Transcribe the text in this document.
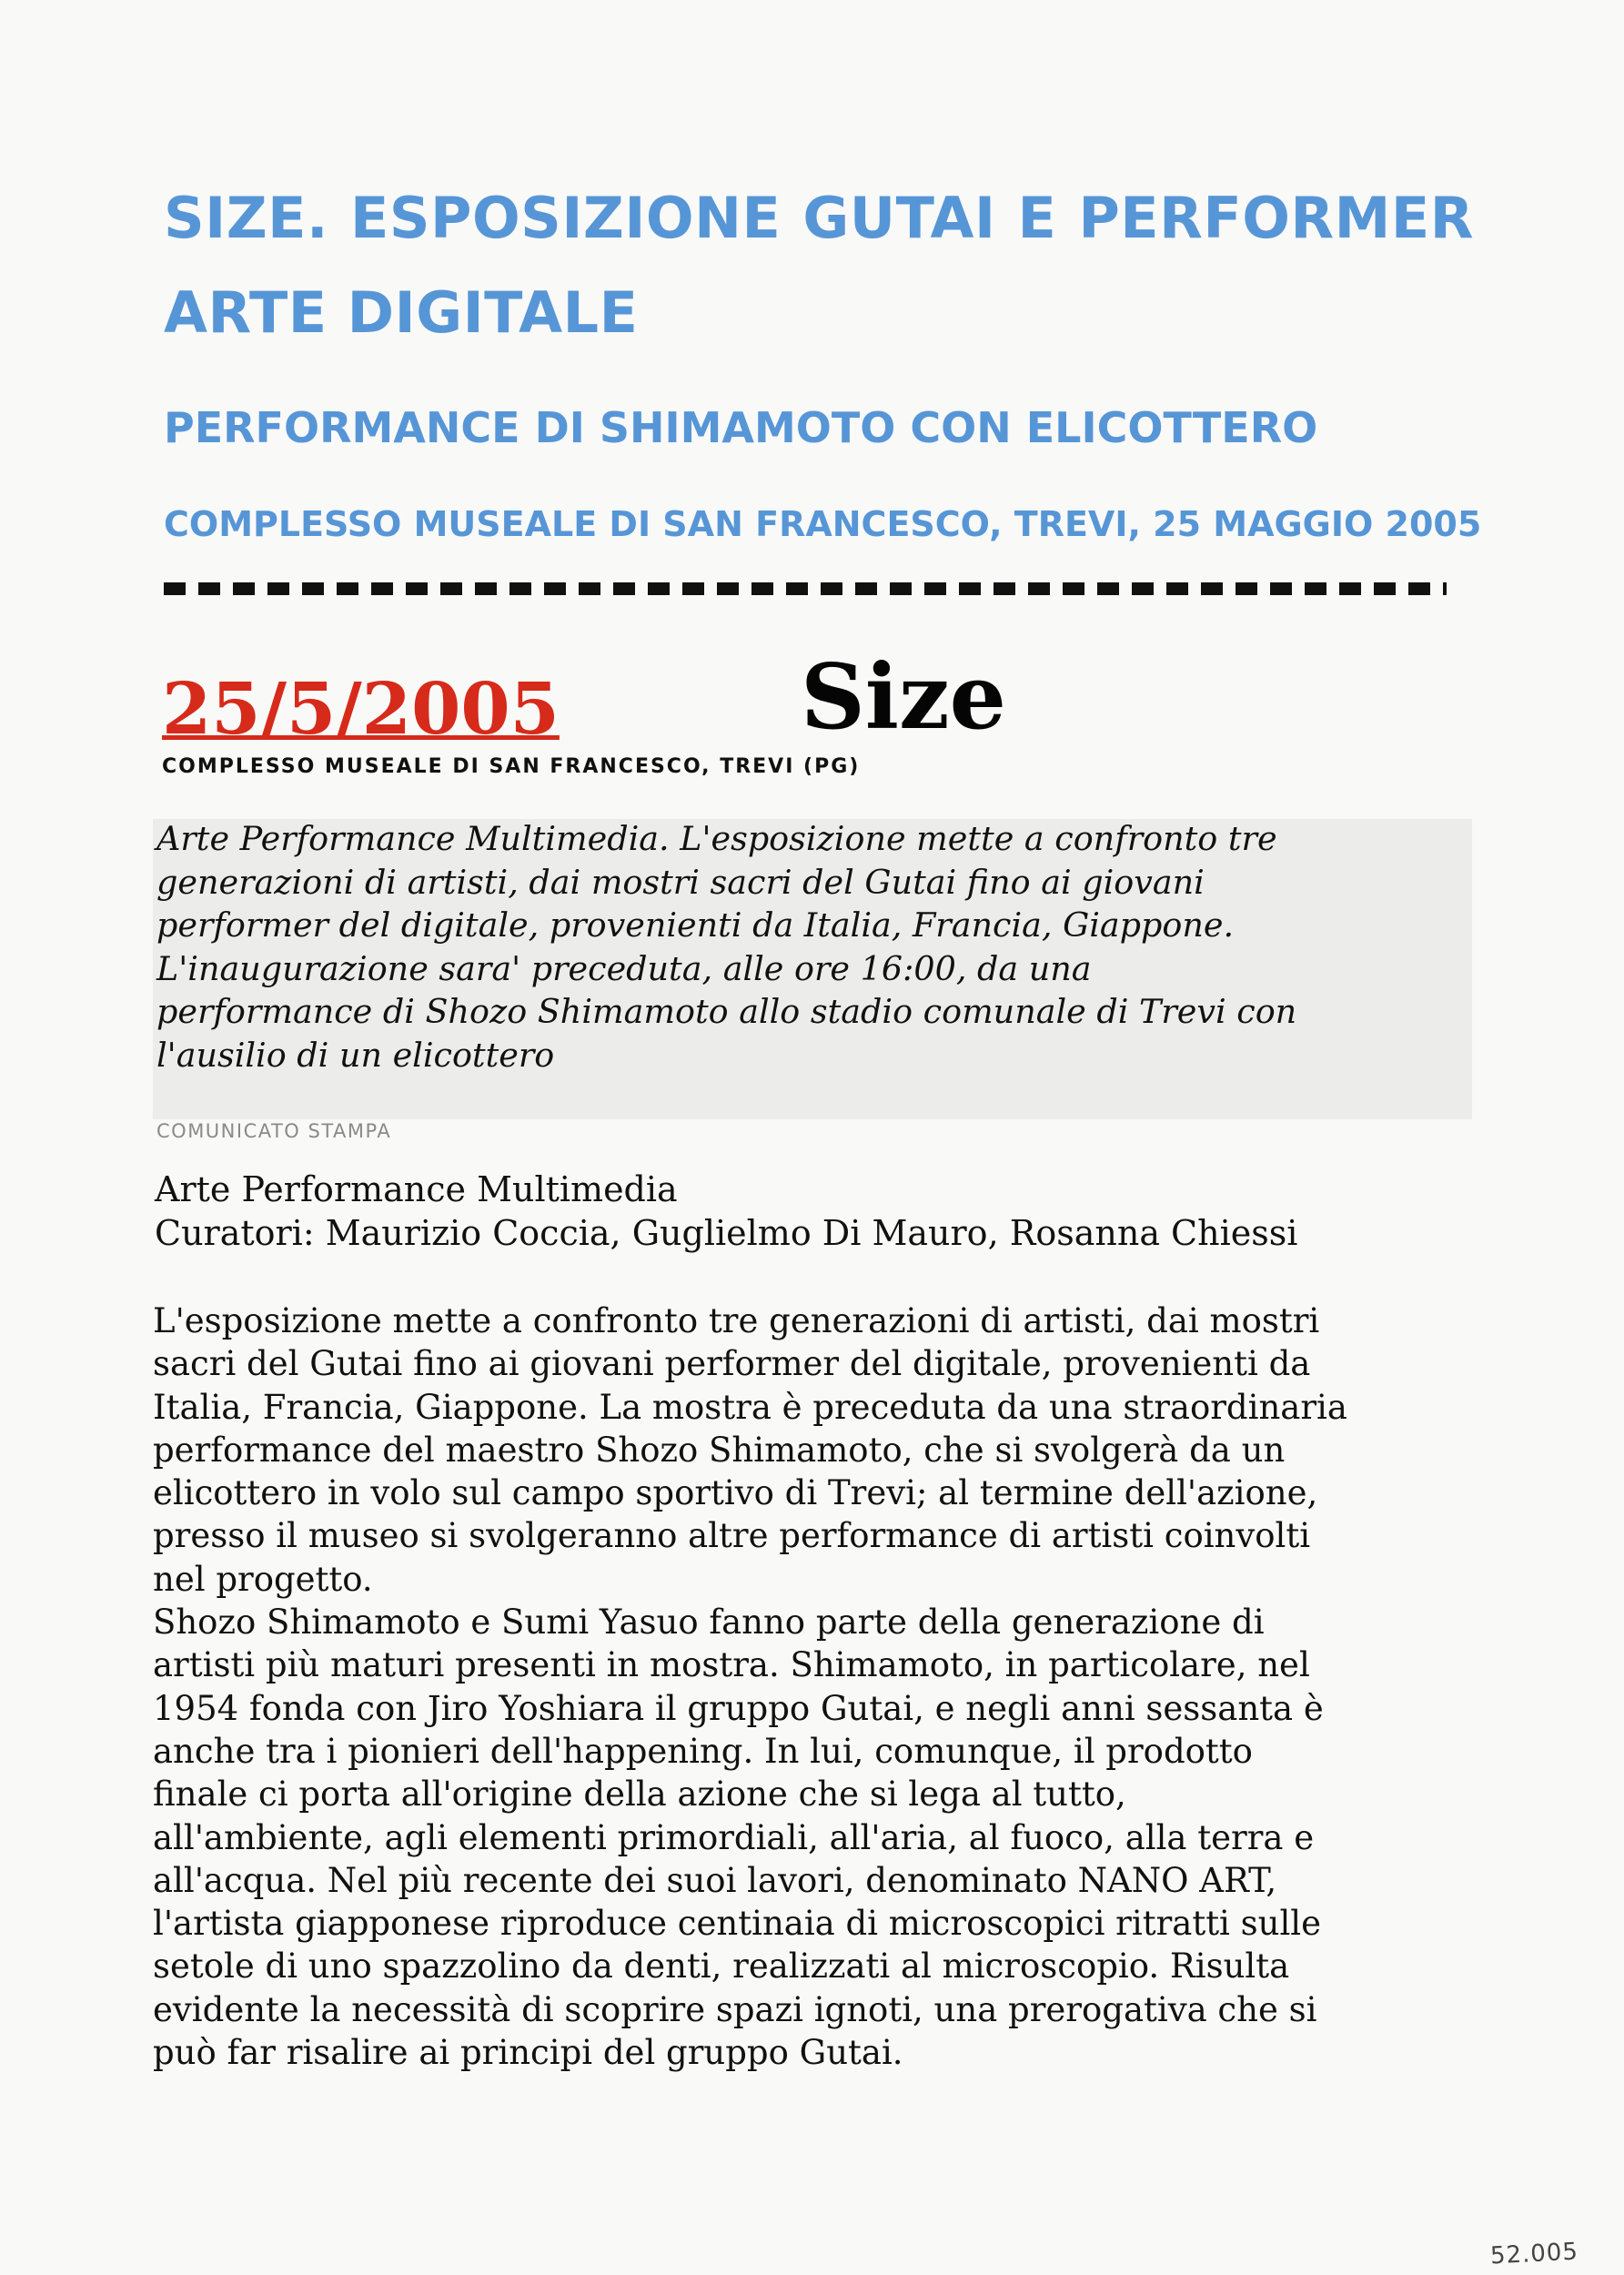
SIZE. ESPOSIZIONE GUTAI E PERFORMER
ARTE DIGITALE
PERFORMANCE DI SHIMAMOTO CON ELICOTTERO
COMPLESSO MUSEALE DI SAN FRANCESCO, TREVI, 25 MAGGIO 2005
25/5/2005	Size
COMPLESSO MUSEALE DI SAN FRANCESCO, TREVI (PG)
Arte Performance Multimedia. L'esposizione mette a confronto tre
generazioni di artisti, dai mostri sacri del Gutai fino ai giovani
performer del digitale, provenienti da Italia, Francia, Giappone.
L'inaugurazione sara' preceduta, alle ore 16:00, da una
performance di Shozo Shimamoto allo stadio comunale di Trevi con
l'ausilio di un elicottero
COMUNICATO STAMPA
Arte Performance Multimedia
Curatori: Maurizio Coccia, Guglielmo Di Mauro, Rosanna Chiessi

L'esposizione mette a confronto tre generazioni di artisti, dai mostri
sacri del Gutai fino ai giovani performer del digitale, provenienti da
Italia, Francia, Giappone. La mostra è preceduta da una straordinaria
performance del maestro Shozo Shimamoto, che si svolgerà da un
elicottero in volo sul campo sportivo di Trevi; al termine dell'azione,
presso il museo si svolgeranno altre performance di artisti coinvolti
nel progetto.

Shozo Shimamoto e Sumi Yasuo fanno parte della generazione di
artisti più maturi presenti in mostra. Shimamoto, in particolare, nel
1954 fonda con Jiro Yoshiara il gruppo Gutai, e negli anni sessanta è
anche tra i pionieri dell'happening. In lui, comunque, il prodotto
finale ci porta all'origine della azione che si lega al tutto,
all'ambiente, agli elementi primordiali, all'aria, al fuoco, alla terra e
all'acqua. Nel più recente dei suoi lavori, denominato NANO ART,
l'artista giapponese riproduce centinaia di microscopici ritratti sulle
setole di uno spazzolino da denti, realizzati al microscopio. Risulta
evidente la necessità di scoprire spazi ignoti, una prerogativa che si
può far risalire ai principi del gruppo Gutai.

52.005
